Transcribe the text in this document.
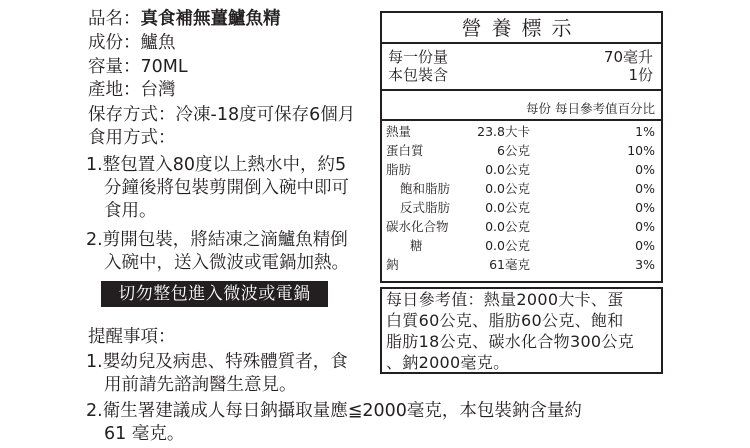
品名：真食補無薑鱸魚精
成份：鱸魚
容量：70ML
產地：台灣
保存方式：冷凍-18度可保存6個月
食用方式：
1.整包置入80度以上熱水中，約5
分鐘後將包裝剪開倒入碗中即可
食用。
2.剪開包裝，將結凍之滴鱸魚精倒
入碗中，送入微波或電鍋加熱。
切勿整包進入微波或電鍋
提醒事項：
1.嬰幼兒及病患、特殊體質者，食
用前請先諮詢醫生意見。
2.衛生署建議成人每日鈉攝取量應≦2000毫克，本包裝鈉含量約
61 毫克。
營養標示
每一份量	70毫升
本包裝含	1份
每份 每日參考值百分比
熱量	23.8 大卡	1%
蛋白質	6 公克	10%
脂肪	0.0 公克	0%
飽和脂肪	0.0 公克	0%
反式脂肪	0.0 公克	0%
碳水化合物	0.0 公克	0%
糖	0.0 公克	0%
鈉	61 毫克	3%
每日參考值：熱量2000大卡、蛋
白質60公克、脂肪60公克、飽和
脂肪18公克、碳水化合物300公克
、鈉2000毫克。
